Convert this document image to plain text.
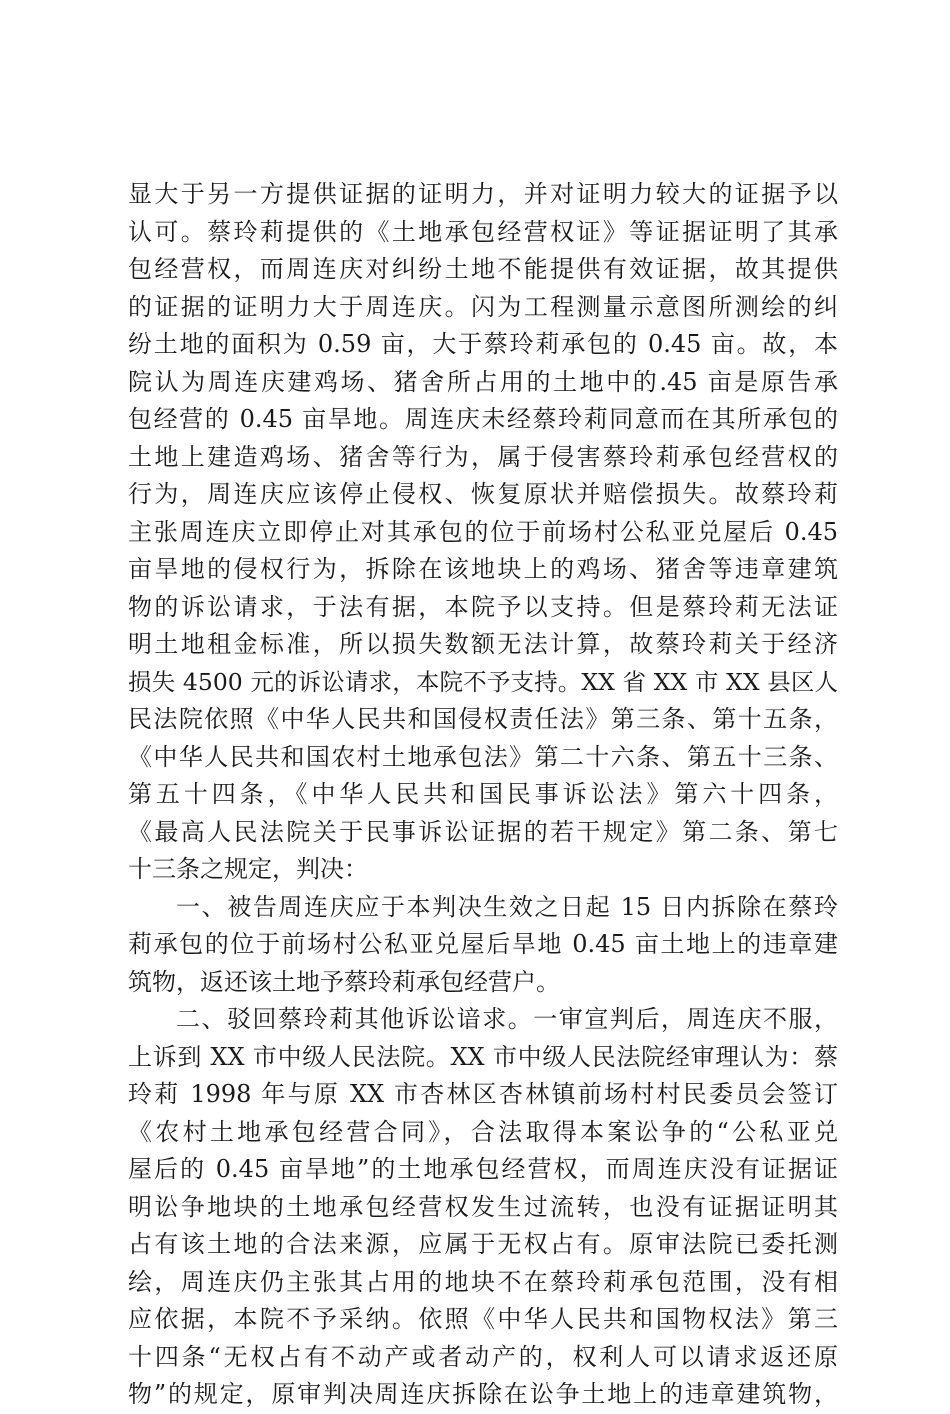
显大于另一方提供证据的证明力，并对证明力较大的证据予以
认可。蔡玲莉提供的《土地承包经营权证》等证据证明了其承
包经营权，而周连庆对纠纷土地不能提供有效证据，故其提供
的证据的证明力大于周连庆。闪为工程测量示意图所测绘的纠
纷土地的面积为 0.59 亩，大于蔡玲莉承包的 0.45 亩。故，本
院认为周连庆建鸡场、猪舍所占用的土地中的.45 亩是原告承
包经营的 0.45 亩旱地。周连庆未经蔡玲莉同意而在其所承包的
土地上建造鸡场、猪舍等行为，属于侵害蔡玲莉承包经营权的
行为，周连庆应该停止侵权、恢复原状并赔偿损失。故蔡玲莉
主张周连庆立即停止对其承包的位于前场村公私亚兑屋后 0.45
亩旱地的侵权行为，拆除在该地块上的鸡场、猪舍等违章建筑
物的诉讼请求，于法有据，本院予以支持。但是蔡玲莉无法证
明土地租金标准，所以损失数额无法计算，故蔡玲莉关于经济
损失 4500 元的诉讼请求，本院不予支持。XX 省 XX 市 XX 县区人
民法院依照《中华人民共和国侵权责任法》第三条、第十五条，
《中华人民共和国农村土地承包法》第二十六条、第五十三条、
第五十四条，《中华人民共和国民事诉讼法》第六十四条，
《最高人民法院关于民事诉讼证据的若干规定》第二条、第七
十三条之规定，判决：
一、被告周连庆应于本判决生效之日起 15 日内拆除在蔡玲
莉承包的位于前场村公私亚兑屋后旱地 0.45 亩土地上的违章建
筑物，返还该土地予蔡玲莉承包经营户。
二、驳回蔡玲莉其他诉讼谙求。一审宣判后，周连庆不服，
上诉到 XX 市中级人民法院。XX 市中级人民法院经审理认为：蔡
玲莉 1998 年与原 XX 市杏林区杏林镇前场村村民委员会签订
《农村土地承包经营合同》，合法取得本案讼争的“公私亚兑
屋后的 0.45 亩旱地”的土地承包经营权，而周连庆没有证据证
明讼争地块的土地承包经营权发生过流转，也没有证据证明其
占有该土地的合法来源，应属于无权占有。原审法院已委托测
绘，周连庆仍主张其占用的地块不在蔡玲莉承包范围，没有相
应依据，本院不予采纳。依照《中华人民共和国物权法》第三
十四条“无权占有不动产或者动产的，权利人可以请求返还原
物”的规定，原审判决周连庆拆除在讼争土地上的违章建筑物，
